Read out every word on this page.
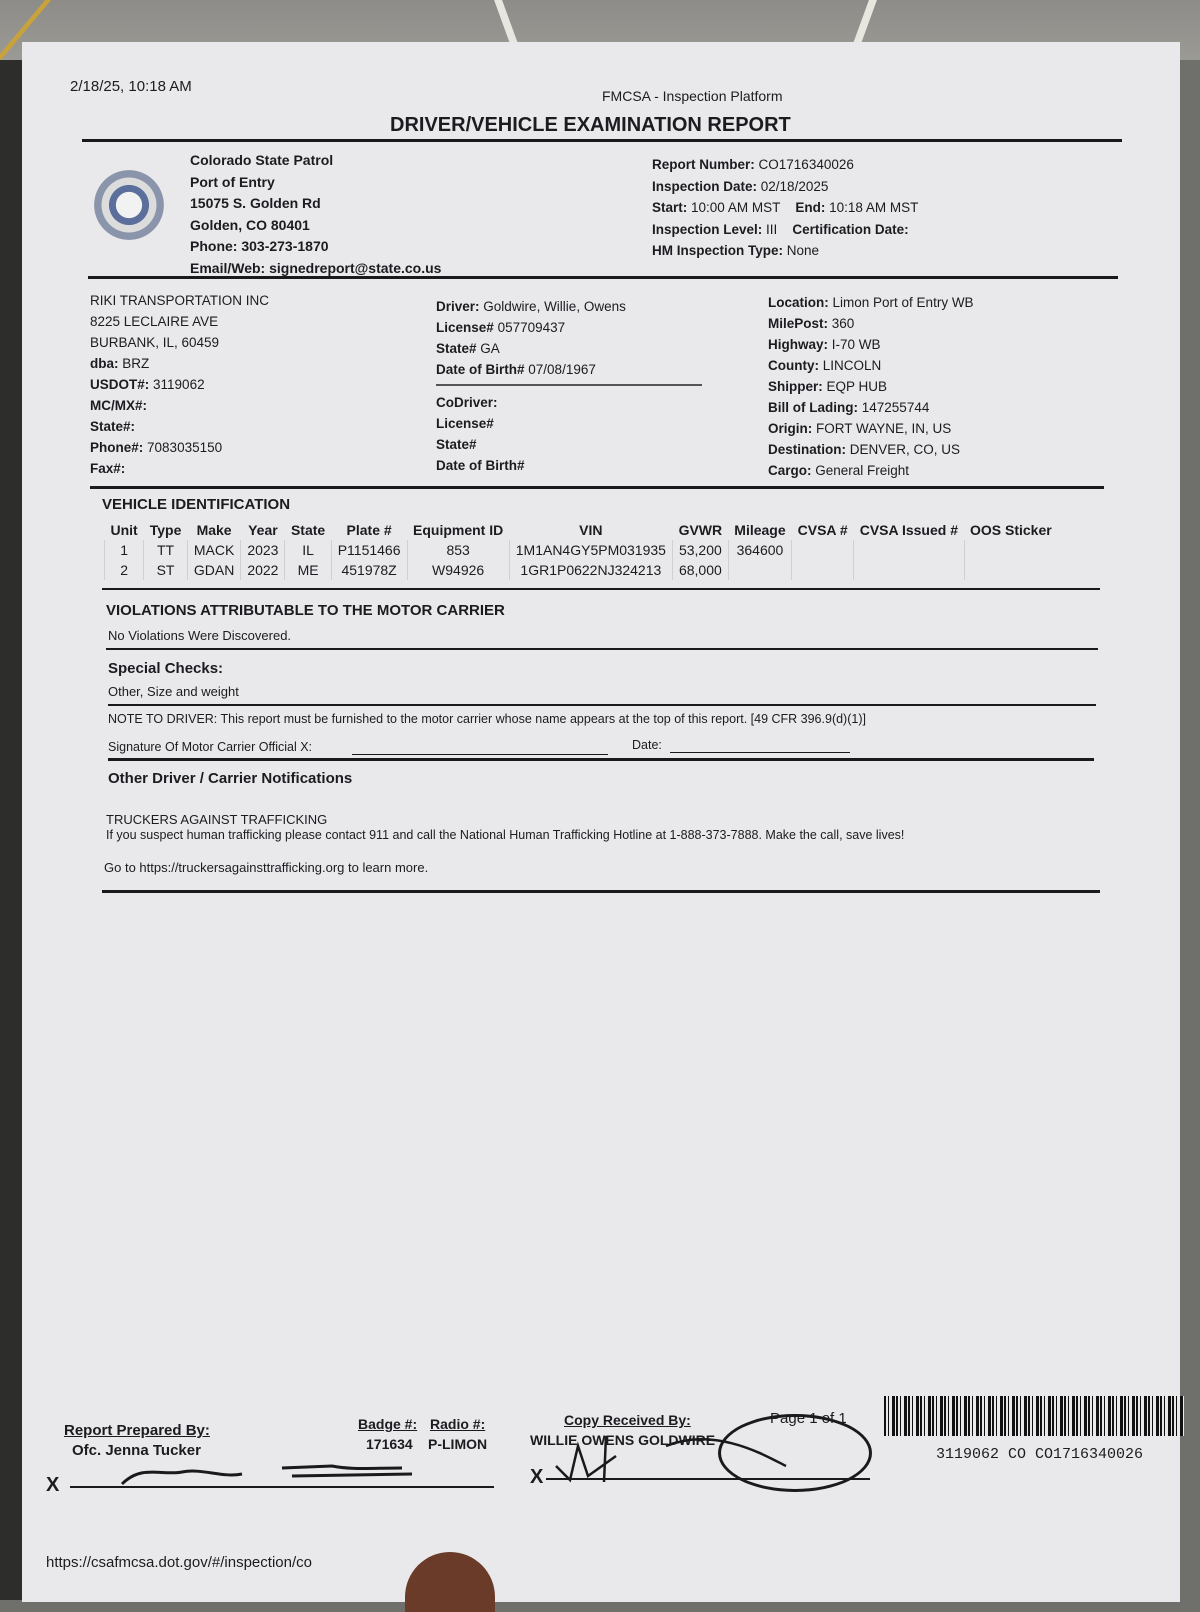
2/18/25, 10:18 AM
FMCSA - Inspection Platform
DRIVER/VEHICLE EXAMINATION REPORT
Colorado State Patrol
Port of Entry
15075 S. Golden Rd
Golden, CO 80401
Phone: 303-273-1870
Email/Web: signedreport@state.co.us
Report Number: CO1716340026
Inspection Date: 02/18/2025
Start: 10:00 AM MST End: 10:18 AM MST
Inspection Level: III Certification Date:
HM Inspection Type: None
RIKI TRANSPORTATION INC
8225 LECLAIRE AVE
BURBANK, IL, 60459
dba: BRZ
USDOT#: 3119062
MC/MX#:
State#:
Phone#: 7083035150
Fax#:
Driver: Goldwire, Willie, Owens
License# 057709437
State# GA
Date of Birth# 07/08/1967
CoDriver:
License#
State#
Date of Birth#
Location: Limon Port of Entry WB
MilePost: 360
Highway: I-70 WB
County: LINCOLN
Shipper: EQP HUB
Bill of Lading: 147255744
Origin: FORT WAYNE, IN, US
Destination: DENVER, CO, US
Cargo: General Freight
VEHICLE IDENTIFICATION
Unit	Type	Make	Year	State	Plate #	Equipment ID	VIN	GVWR	Mileage	CVSA #	CVSA Issued #	OOS Sticker
1	TT	MACK	2023	IL	P1151466	853	1M1AN4GY5PM031935	53,200	364600			
2	ST	GDAN	2022	ME	451978Z	W94926	1GR1P0622NJ324213	68,000				
VIOLATIONS ATTRIBUTABLE TO THE MOTOR CARRIER
No Violations Were Discovered.
Special Checks:
Other, Size and weight
NOTE TO DRIVER: This report must be furnished to the motor carrier whose name appears at the top of this report. [49 CFR 396.9(d)(1)]
Signature Of Motor Carrier Official X:	Date:
Other Driver / Carrier Notifications
TRUCKERS AGAINST TRAFFICKING
If you suspect human trafficking please contact 911 and call the National Human Trafficking Hotline at 1-888-373-7888. Make the call, save lives!
Go to https://truckersagainsttrafficking.org to learn more.
Report Prepared By:
Ofc. Jenna Tucker
Badge #: Radio #:
171634 P-LIMON
X
Copy Received By:
WILLIE OWENS GOLDWIRE
Page 1 of 1
X
3119062 CO CO1716340026
https://csafmcsa.dot.gov/#/inspection/co
